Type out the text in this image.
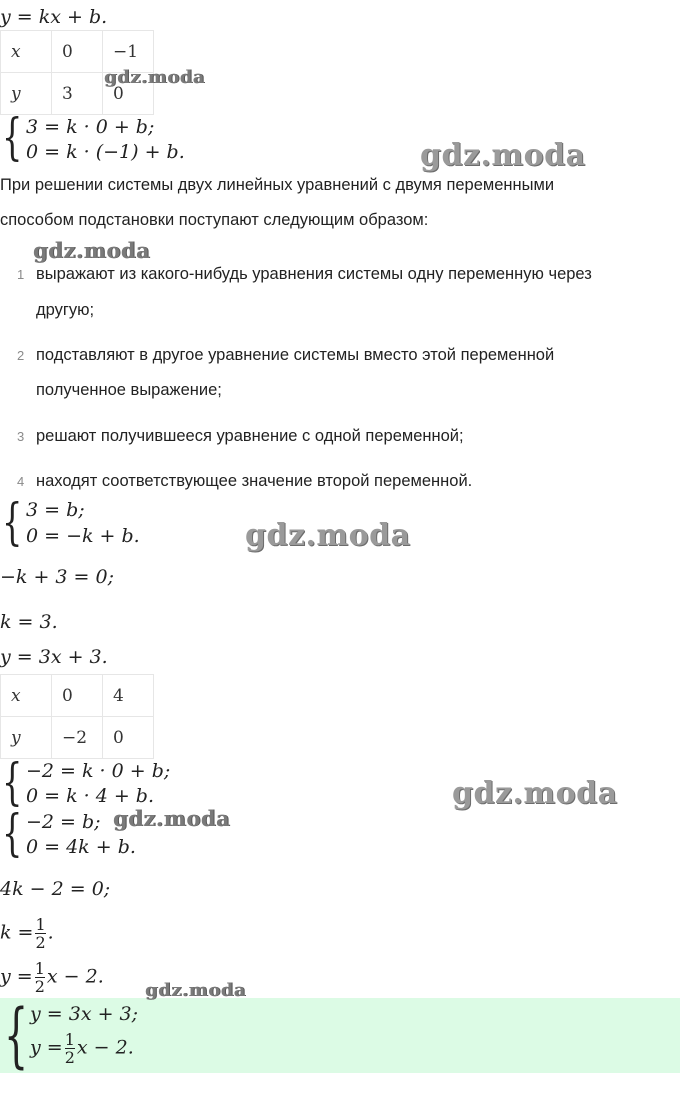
y = kx + b.
x	0	−1
y	3	0
{ 3 = k · 0 + b;
0 = k · (−1) + b.
При решении системы двух линейных уравнений с двумя переменными
способом подстановки поступают следующим образом:
1 выражают из какого-нибудь уравнения системы одну переменную через
другую;
2 подставляют в другое уравнение системы вместо этой переменной
полученное выражение;
3 решают получившееся уравнение с одной переменной;
4 находят соответствующее значение второй переменной.
{ 3 = b;
0 = −k + b.
−k + 3 = 0;
k = 3.
y = 3x + 3.
x	0	4
y	−2	0
{ −2 = k · 0 + b;
0 = k · 4 + b.
{ −2 = b;
0 = 4k + b.
4k − 2 = 0;
$k = \frac{1}{2}$ .
$y = \frac{1}{2}$ x − 2.
{ y = 3x + 3;
$y = \frac{1}{2}$ x − 2.
gdz.moda
gdz.moda
gdz.moda
gdz.moda
gdz.moda
gdz.moda
gdz.moda
